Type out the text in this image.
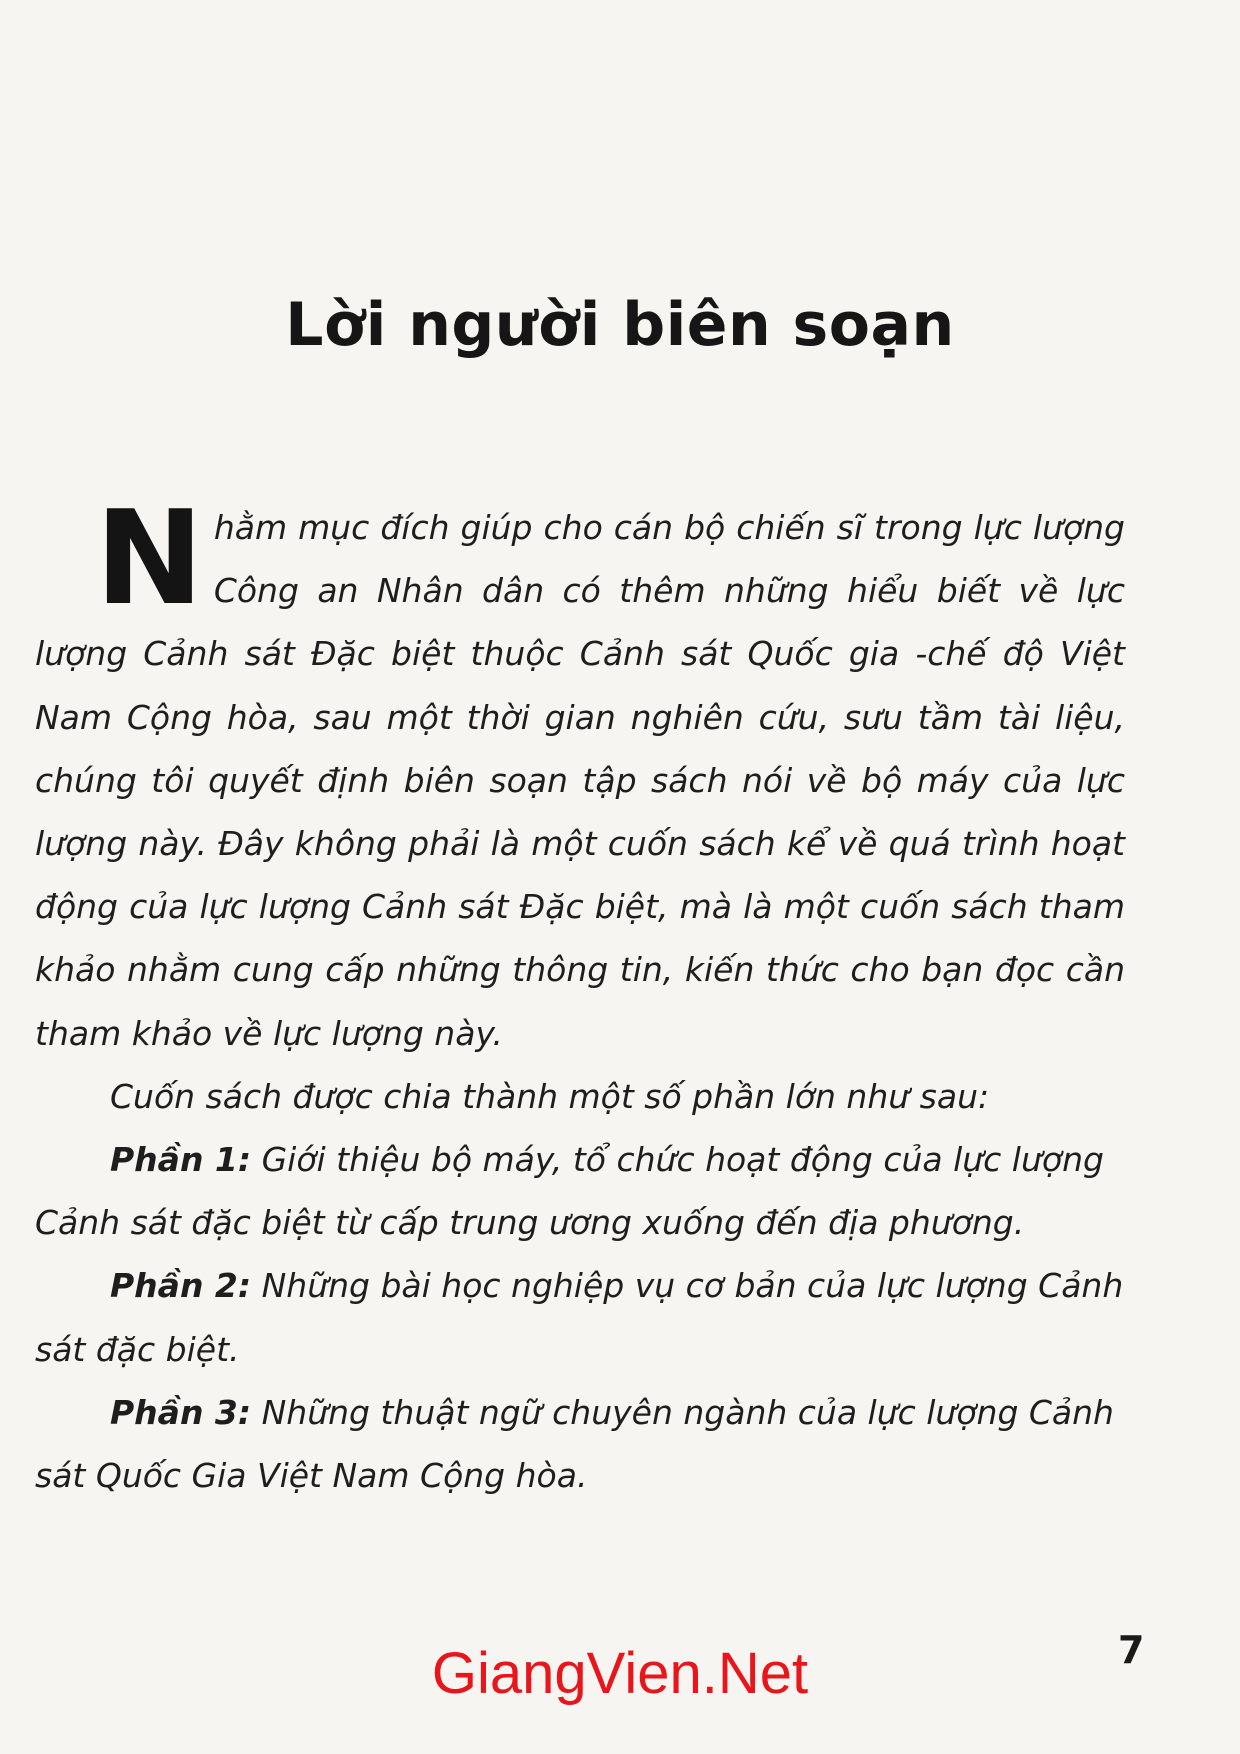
Lời người biên soạn

Nhằm mục đích giúp cho cán bộ chiến sĩ trong lực lượng Công an Nhân dân có thêm những hiểu biết về lực lượng Cảnh sát Đặc biệt thuộc Cảnh sát Quốc gia -chế độ Việt Nam Cộng hòa, sau một thời gian nghiên cứu, sưu tầm tài liệu, chúng tôi quyết định biên soạn tập sách nói về bộ máy của lực lượng này. Đây không phải là một cuốn sách kể về quá trình hoạt động của lực lượng Cảnh sát Đặc biệt, mà là một cuốn sách tham khảo nhằm cung cấp những thông tin, kiến thức cho bạn đọc cần tham khảo về lực lượng này.

Cuốn sách được chia thành một số phần lớn như sau:

Phần 1: Giới thiệu bộ máy, tổ chức hoạt động của lực lượng Cảnh sát đặc biệt từ cấp trung ương xuống đến địa phương.

Phần 2: Những bài học nghiệp vụ cơ bản của lực lượng Cảnh sát đặc biệt.

Phần 3: Những thuật ngữ chuyên ngành của lực lượng Cảnh sát Quốc Gia Việt Nam Cộng hòa.

GiangVien.Net	7
